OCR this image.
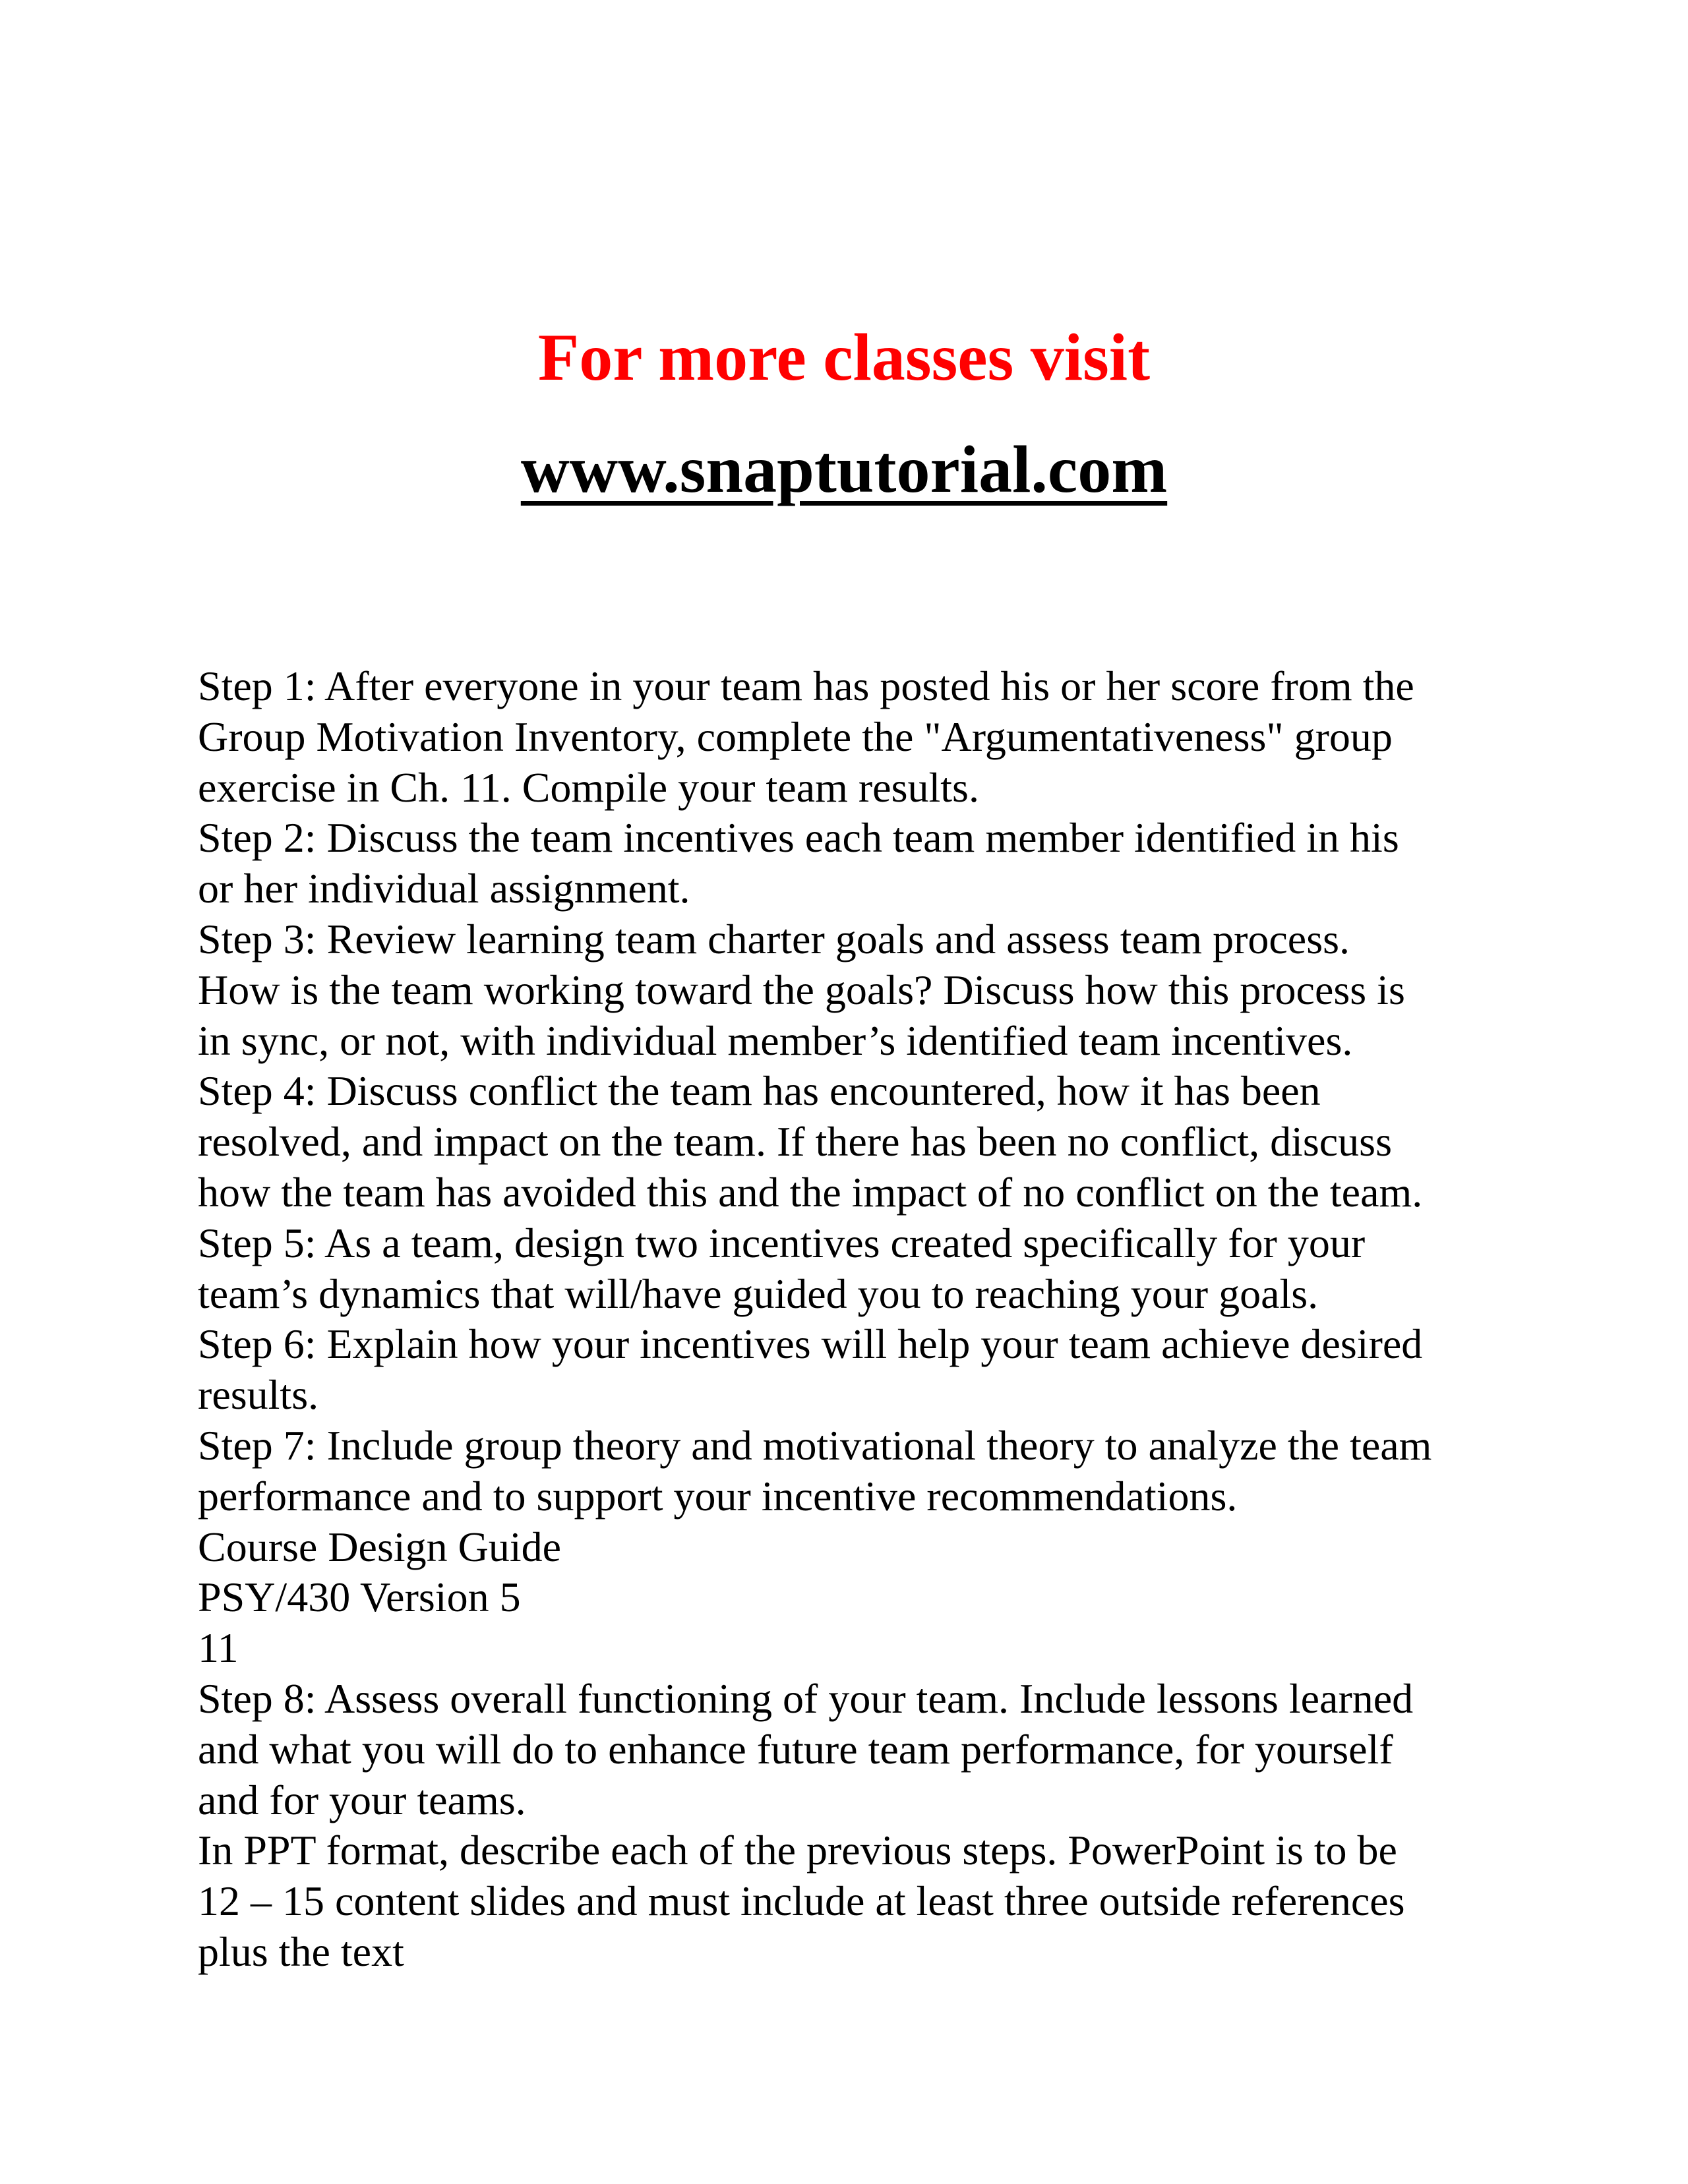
For more classes visit

www.snaptutorial.com
Step 1: After everyone in your team has posted his or her score from the
Group Motivation Inventory, complete the "Argumentativeness" group
exercise in Ch. 11. Compile your team results.
Step 2: Discuss the team incentives each team member identified in his
or her individual assignment.
Step 3: Review learning team charter goals and assess team process.
How is the team working toward the goals? Discuss how this process is
in sync, or not, with individual member’s identified team incentives.
Step 4: Discuss conflict the team has encountered, how it has been
resolved, and impact on the team. If there has been no conflict, discuss
how the team has avoided this and the impact of no conflict on the team.
Step 5: As a team, design two incentives created specifically for your
team’s dynamics that will/have guided you to reaching your goals.
Step 6: Explain how your incentives will help your team achieve desired
results.
Step 7: Include group theory and motivational theory to analyze the team
performance and to support your incentive recommendations.
Course Design Guide
PSY/430 Version 5
11
Step 8: Assess overall functioning of your team. Include lessons learned
and what you will do to enhance future team performance, for yourself
and for your teams.
In PPT format, describe each of the previous steps. PowerPoint is to be
12 – 15 content slides and must include at least three outside references
plus the text
